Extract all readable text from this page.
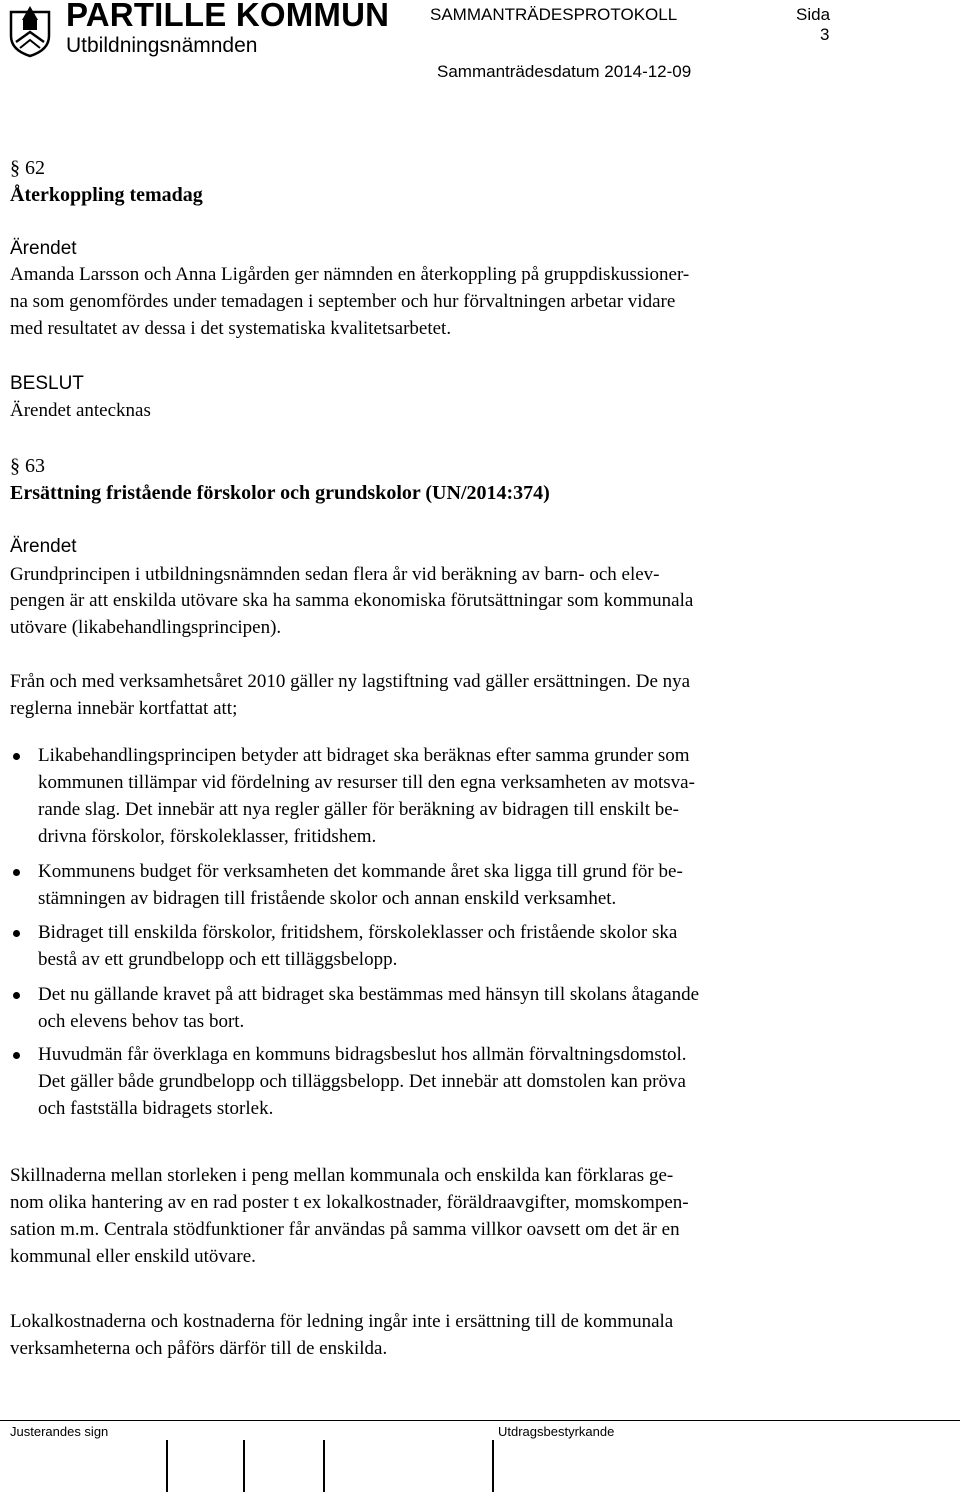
PARTILLE KOMMUN
Utbildningsnämnden
SAMMANTRÄDESPROTOKOLL	Sida
3
Sammanträdesdatum 2014-12-09
§ 62
Återkoppling temadag
Ärendet
Amanda Larsson och Anna Ligården ger nämnden en återkoppling på gruppdiskussioner-
na som genomfördes under temadagen i september och hur förvaltningen arbetar vidare
med resultatet av dessa i det systematiska kvalitetsarbetet.
BESLUT
Ärendet antecknas
§ 63
Ersättning fristående förskolor och grundskolor (UN/2014:374)
Ärendet
Grundprincipen i utbildningsnämnden sedan flera år vid beräkning av barn- och elev-
pengen är att enskilda utövare ska ha samma ekonomiska förutsättningar som kommunala
utövare (likabehandlingsprincipen).
Från och med verksamhetsåret 2010 gäller ny lagstiftning vad gäller ersättningen. De nya
reglerna innebär kortfattat att;
Likabehandlingsprincipen betyder att bidraget ska beräknas efter samma grunder som
kommunen tillämpar vid fördelning av resurser till den egna verksamheten av motsva-
rande slag. Det innebär att nya regler gäller för beräkning av bidragen till enskilt be-
drivna förskolor, förskoleklasser, fritidshem.
Kommunens budget för verksamheten det kommande året ska ligga till grund för be-
stämningen av bidragen till fristående skolor och annan enskild verksamhet.
Bidraget till enskilda förskolor, fritidshem, förskoleklasser och fristående skolor ska
bestå av ett grundbelopp och ett tilläggsbelopp.
Det nu gällande kravet på att bidraget ska bestämmas med hänsyn till skolans åtagande
och elevens behov tas bort.
Huvudmän får överklaga en kommuns bidragsbeslut hos allmän förvaltningsdomstol.
Det gäller både grundbelopp och tilläggsbelopp. Det innebär att domstolen kan pröva
och fastställa bidragets storlek.
Skillnaderna mellan storleken i peng mellan kommunala och enskilda kan förklaras ge-
nom olika hantering av en rad poster t ex lokalkostnader, föräldraavgifter, momskompen-
sation m.m. Centrala stödfunktioner får användas på samma villkor oavsett om det är en
kommunal eller enskild utövare.
Lokalkostnaderna och kostnaderna för ledning ingår inte i ersättning till de kommunala
verksamheterna och påförs därför till de enskilda.
Justerandes sign	Utdragsbestyrkande
